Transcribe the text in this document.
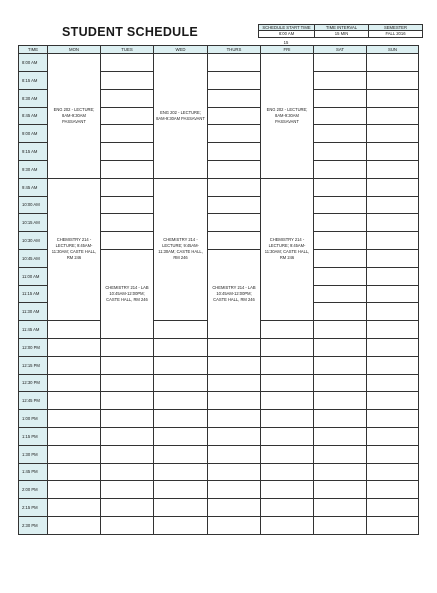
STUDENT SCHEDULE	SCHEDULE START TIME	TIME INTERVAL	SEMESTER
8:00 AM	15 MIN	FALL 2016
15
TIME	MON	TUES	WED	THURS	FRI	SAT	SUN
8:00 AM	ENG 202 - LECTURE; 8AM-9:30AM PASSAVANT		ENG 202 - LECTURE; 8AM-9:30AM PASSAVANT		ENG 202 - LECTURE; 8AM-9:30AM PASSAVANT		
8:15 AM							
8:30 AM							
8:45 AM							
9:00 AM							
9:15 AM							
9:30 AM							
9:45 AM	CHEMISTRY 214 - LECTURE; 9:45AM-11:30AM; CASTE HALL, RM 246		CHEMISTRY 214 - LECTURE; 9:45AM-11:30AM; CASTE HALL, RM 246		CHEMISTRY 214 - LECTURE; 9:45AM-11:30AM; CASTE HALL, RM 246		
10:00 AM							
10:15 AM							
10:30 AM							
10:45 AM		CHEMISTRY 214 - LAB 10:45AM-12:00PM; CASTE HALL, RM 246		CHEMISTRY 214 - LAB 10:45AM-12:00PM; CASTE HALL, RM 246			
11:00 AM							
11:15 AM							
11:30 AM							
11:45 AM							
12:00 PM							
12:15 PM							
12:30 PM							
12:45 PM							
1:00 PM							
1:15 PM							
1:30 PM							
1:45 PM							
2:00 PM							
2:15 PM							
2:30 PM							
